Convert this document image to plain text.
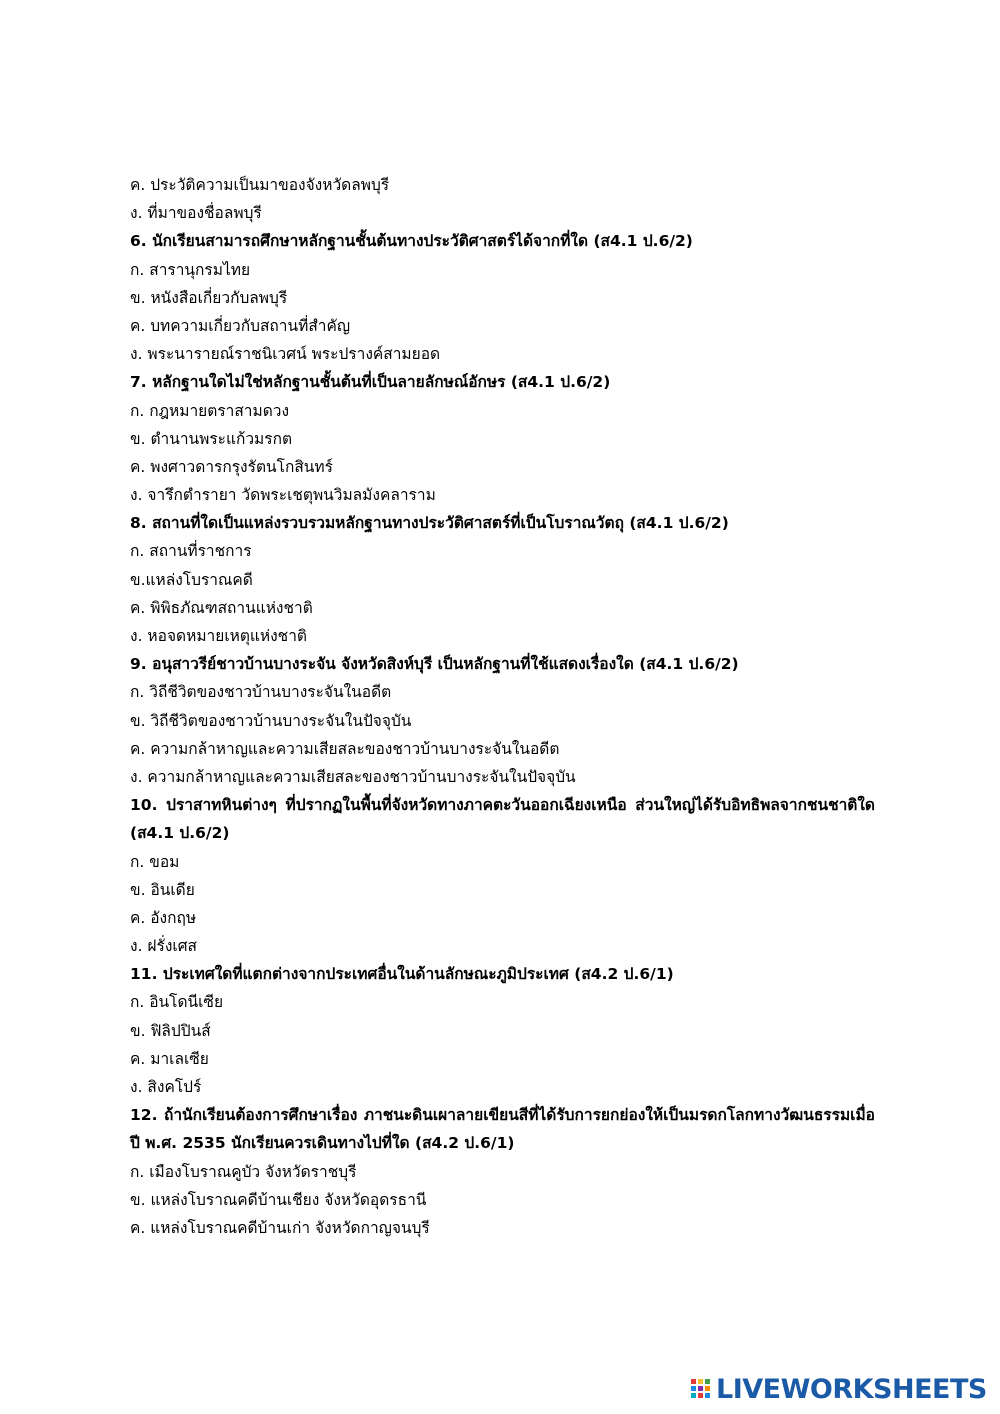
ค. ประวัติความเป็นมาของจังหวัดลพบุรี
ง. ที่มาของชื่อลพบุรี
6. นักเรียนสามารถศึกษาหลักฐานชั้นต้นทางประวัติศาสตร์ได้จากที่ใด (ส4.1 ป.6/2)
ก. สารานุกรมไทย
ข. หนังสือเกี่ยวกับลพบุรี
ค. บทความเกี่ยวกับสถานที่สำคัญ
ง. พระนารายณ์ราชนิเวศน์ พระปรางค์สามยอด
7. หลักฐานใดไม่ใช่หลักฐานชั้นต้นที่เป็นลายลักษณ์อักษร (ส4.1 ป.6/2)
ก. กฎหมายตราสามดวง
ข. ตำนานพระแก้วมรกต
ค. พงศาวดารกรุงรัตนโกสินทร์
ง. จารึกตำรายา วัดพระเชตุพนวิมลมังคลาราม
8. สถานที่ใดเป็นแหล่งรวบรวมหลักฐานทางประวัติศาสตร์ที่เป็นโบราณวัตถุ (ส4.1 ป.6/2)
ก. สถานที่ราชการ
ข.แหล่งโบราณคดี
ค. พิพิธภัณฑสถานแห่งชาติ
ง. หอจดหมายเหตุแห่งชาติ
9. อนุสาวรีย์ชาวบ้านบางระจัน จังหวัดสิงห์บุรี เป็นหลักฐานที่ใช้แสดงเรื่องใด (ส4.1 ป.6/2)
ก. วิถีชีวิตของชาวบ้านบางระจันในอดีต
ข. วิถีชีวิตของชาวบ้านบางระจันในปัจจุบัน
ค. ความกล้าหาญและความเสียสละของชาวบ้านบางระจันในอดีต
ง. ความกล้าหาญและความเสียสละของชาวบ้านบางระจันในปัจจุบัน
10. ปราสาทหินต่างๆ ที่ปรากฏในพื้นที่จังหวัดทางภาคตะวันออกเฉียงเหนือ ส่วนใหญ่ได้รับอิทธิพลจากชนชาติใด (ส4.1 ป.6/2)
ก. ขอม
ข. อินเดีย
ค. อังกฤษ
ง. ฝรั่งเศส
11. ประเทศใดที่แตกต่างจากประเทศอื่นในด้านลักษณะภูมิประเทศ (ส4.2 ป.6/1)
ก. อินโดนีเซีย
ข. ฟิลิปปินส์
ค. มาเลเซีย
ง. สิงคโปร์
12. ถ้านักเรียนต้องการศึกษาเรื่อง ภาชนะดินเผาลายเขียนสีที่ได้รับการยกย่องให้เป็นมรดกโลกทางวัฒนธรรมเมื่อปี พ.ศ. 2535 นักเรียนควรเดินทางไปที่ใด (ส4.2 ป.6/1)
ก. เมืองโบราณคูบัว จังหวัดราชบุรี
ข. แหล่งโบราณคดีบ้านเชียง จังหวัดอุดรธานี
ค. แหล่งโบราณคดีบ้านเก่า จังหวัดกาญจนบุรี
LIVEWORKSHEETS
